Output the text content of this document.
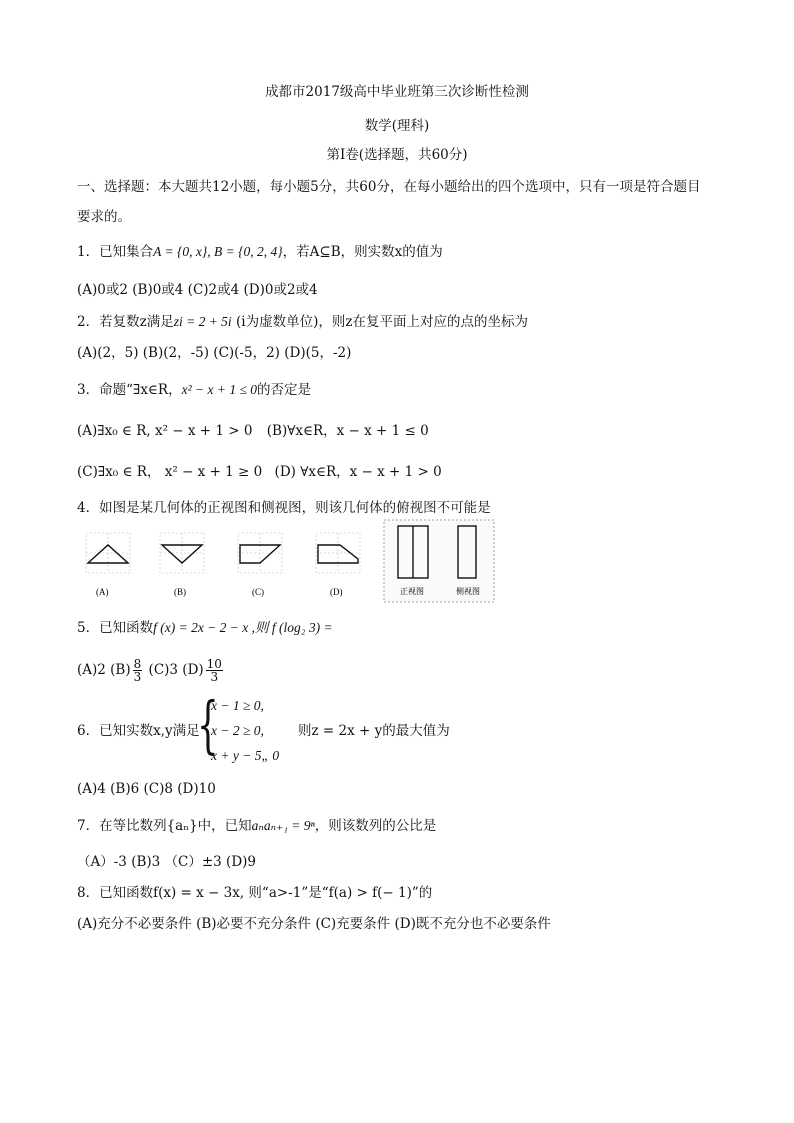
成都市2017级高中毕业班第三次诊断性检测
数学(理科)
第Ⅰ卷(选择题，共60分)
一、选择题：本大题共12小题，每小题5分，共60分，在每小题给出的四个选项中，只有一项是符合题目
要求的。
1．已知集合A = {0, x}, B = {0, 2, 4}，若A⊆B，则实数x的值为
(A)0或2 (B)0或4 (C)2或4 (D)0或2或4
2．若复数z满足zi = 2 + 5i (i为虚数单位)，则z在复平面上对应的点的坐标为
(A)(2，5) (B)(2，-5) (C)(-5，2) (D)(5，-2)
3．命题“∃x∈R，x² − x + 1 ≤ 0的否定是
(A)∃x₀ ∈ R, x² − x + 1 > 0 (B)∀x∈R，x − x + 1 ≤ 0
(C)∃x₀ ∈ R， x² − x + 1 ≥ 0 (D) ∀x∈R，x − x + 1 > 0
4．如图是某几何体的正视图和侧视图，则该几何体的俯视图不可能是
(A)	(B)	(C)	(D)	正视图	侧视图
5．已知函数f (x) = 2x − 2 − x ,则 f (log₂ 3) =
(A)2 $(B) \frac{8}{3} (C)3$ $(D) \frac{10}{3}$
6．已知实数x,y满足
{
x − 1 ≥ 0,
x − 2 ≥ 0,
x + y − 5„ 0
则z = 2x + y的最大值为
(A)4 (B)6 (C)8 (D)10
7．在等比数列{aₙ}中，已知aₙaₙ₊₁ = 9ⁿ，则该数列的公比是
（A）-3 (B)3 （C）±3 (D)9
8．已知函数f(x) = x − 3x, 则“a>-1”是“f(a) > f(− 1)”的
(A)充分不必要条件 (B)必要不充分条件 (C)充要条件 (D)既不充分也不必要条件
